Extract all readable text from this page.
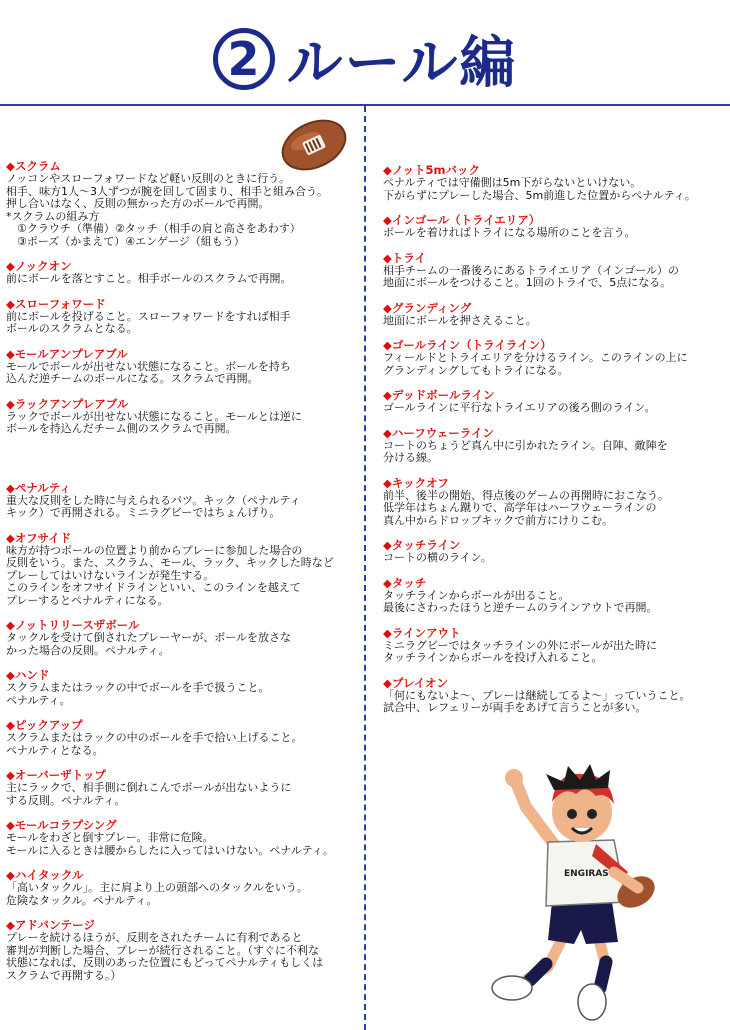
2 ルール編
◆スクラム
ノッコンやスローフォワードなど軽い反則のときに行う。
相手、味方1人～3人ずつが腕を回して固まり、相手と組み合う。
押し合いはなく、反則の無かった方のボールで再開。
*スクラムの組み方
　①クラウチ（準備）②タッチ（相手の肩と高さをあわす）
　③ポーズ（かまえて）④エンゲージ（組もう）
◆ノックオン
前にボールを落とすこと。相手ボールのスクラムで再開。
◆スローフォワード
前にボールを投げること。スローフォワードをすれば相手
ボールのスクラムとなる。
◆モールアンプレアブル
モールでボールが出せない状態になること。ボールを持ち
込んだ逆チームのボールになる。スクラムで再開。
◆ラックアンプレアブル
ラックでボールが出せない状態になること。モールとは逆に
ボールを持込んだチーム側のスクラムで再開。
◆ペナルティ
重大な反則をした時に与えられるバツ。キック（ペナルティ
キック）で再開される。ミニラグビーではちょんげり。
◆オフサイド
味方が持つボールの位置より前からプレーに参加した場合の
反則をいう。また、スクラム、モール、ラック、キックした時など
プレーしてはいけないラインが発生する。
このラインをオフサイドラインといい、このラインを越えて
プレーするとペナルティになる。
◆ノットリリースザボール
タックルを受けて倒されたプレーヤーが、ボールを放さな
かった場合の反則。ペナルティ。
◆ハンド
スクラムまたはラックの中でボールを手で扱うこと。
ペナルティ。
◆ピックアップ
スクラムまたはラックの中のボールを手で拾い上げること。
ペナルティとなる。
◆オーバーザトップ
主にラックで、相手側に倒れこんでボールが出ないように
する反則。ペナルティ。
◆モールコラプシング
モールをわざと倒すプレー。非常に危険。
モールに入るときは腰からしたに入ってはいけない。ペナルティ。
◆ハイタックル
「高いタックル」。主に肩より上の頭部へのタックルをいう。
危険なタックル。ペナルティ。
◆アドバンテージ
プレーを続けるほうが、反則をされたチームに有利であると
審判が判断した場合、プレーが続行されること。（すぐに不利な
状態になれば、反則のあった位置にもどってペナルティもしくは
スクラムで再開する。）
◆ノット5mバック
ペナルティでは守備側は5m下がらないといけない。
下がらずにプレーした場合、5m前進した位置からペナルティ。
◆インゴール（トライエリア）
ボールを着ければトライになる場所のことを言う。
◆トライ
相手チームの一番後ろにあるトライエリア（インゴール）の
地面にボールをつけること。1回のトライで、5点になる。
◆グランディング
地面にボールを押さえること。
◆ゴールライン（トライライン）
フィールドとトライエリアを分けるライン。このラインの上に
グランディングしてもトライになる。
◆デッドボールライン
ゴールラインに平行なトライエリアの後ろ側のライン。
◆ハーフウェーライン
コートのちょうど真ん中に引かれたライン。自陣、敵陣を
分ける線。
◆キックオフ
前半、後半の開始、得点後のゲームの再開時におこなう。
低学年はちょん蹴りで、高学年はハーフウェーラインの
真ん中からドロップキックで前方にけりこむ。
◆タッチライン
コートの横のライン。
◆タッチ
タッチラインからボールが出ること。
最後にさわったほうと逆チームのラインアウトで再開。
◆ラインアウト
ミニラグビーではタッチラインの外にボールが出た時に
タッチラインからボールを投げ入れること。
◆プレイオン
「何にもないよ～、プレーは継続してるよ～」っていうこと。
試合中、レフェリーが両手をあげて言うことが多い。
ENGIRAS
